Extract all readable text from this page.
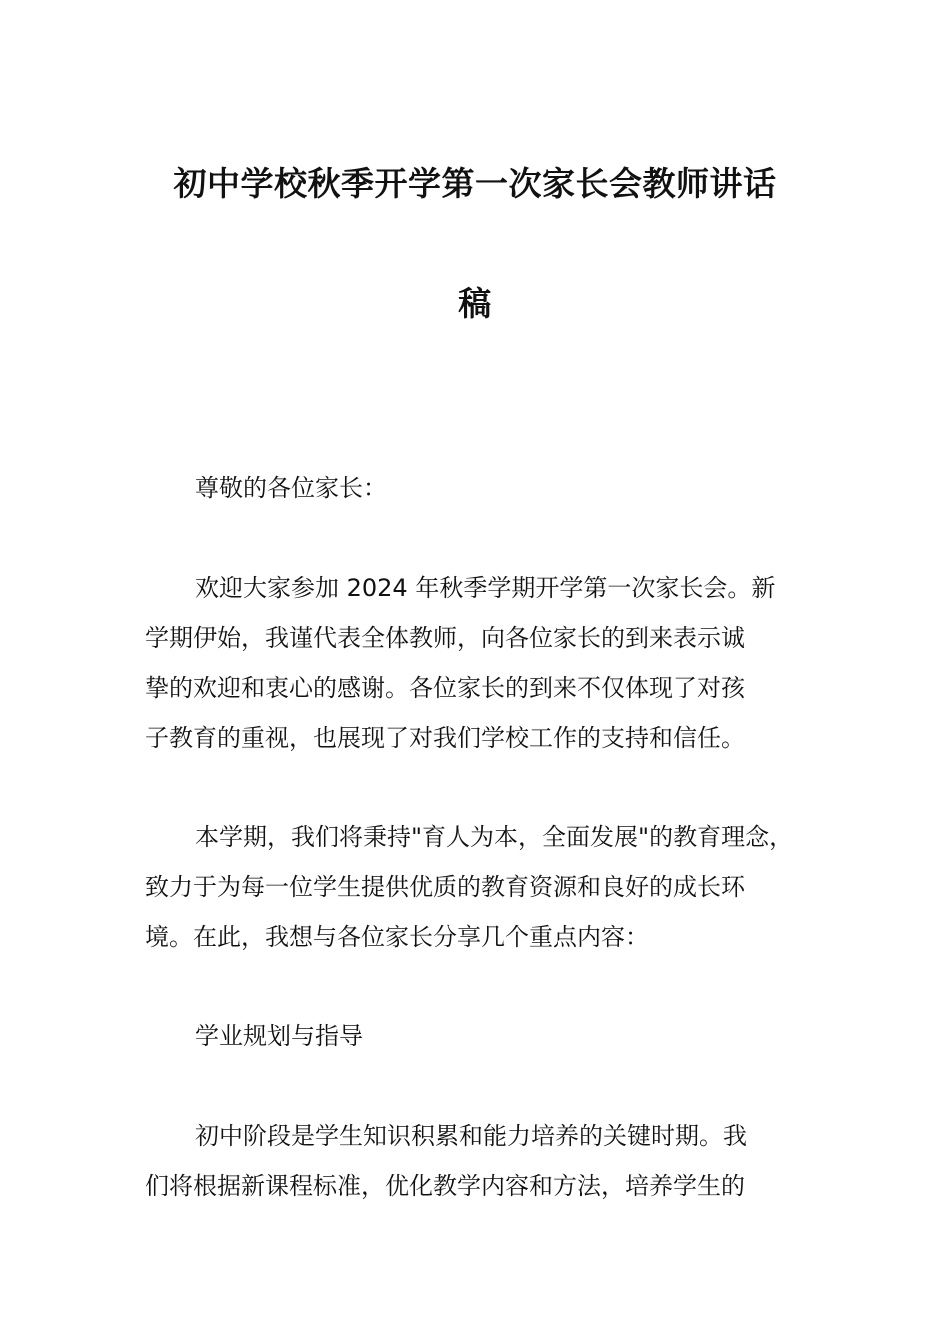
初中学校秋季开学第一次家长会教师讲话
稿
尊敬的各位家长：
欢迎大家参加 2024 年秋季学期开学第一次家长会。新
学期伊始，我谨代表全体教师，向各位家长的到来表示诚
挚的欢迎和衷心的感谢。各位家长的到来不仅体现了对孩
子教育的重视，也展现了对我们学校工作的支持和信任。
本学期，我们将秉持"育人为本，全面发展"的教育理念，
致力于为每一位学生提供优质的教育资源和良好的成长环
境。在此，我想与各位家长分享几个重点内容：
学业规划与指导
初中阶段是学生知识积累和能力培养的关键时期。我
们将根据新课程标准，优化教学内容和方法，培养学生的
